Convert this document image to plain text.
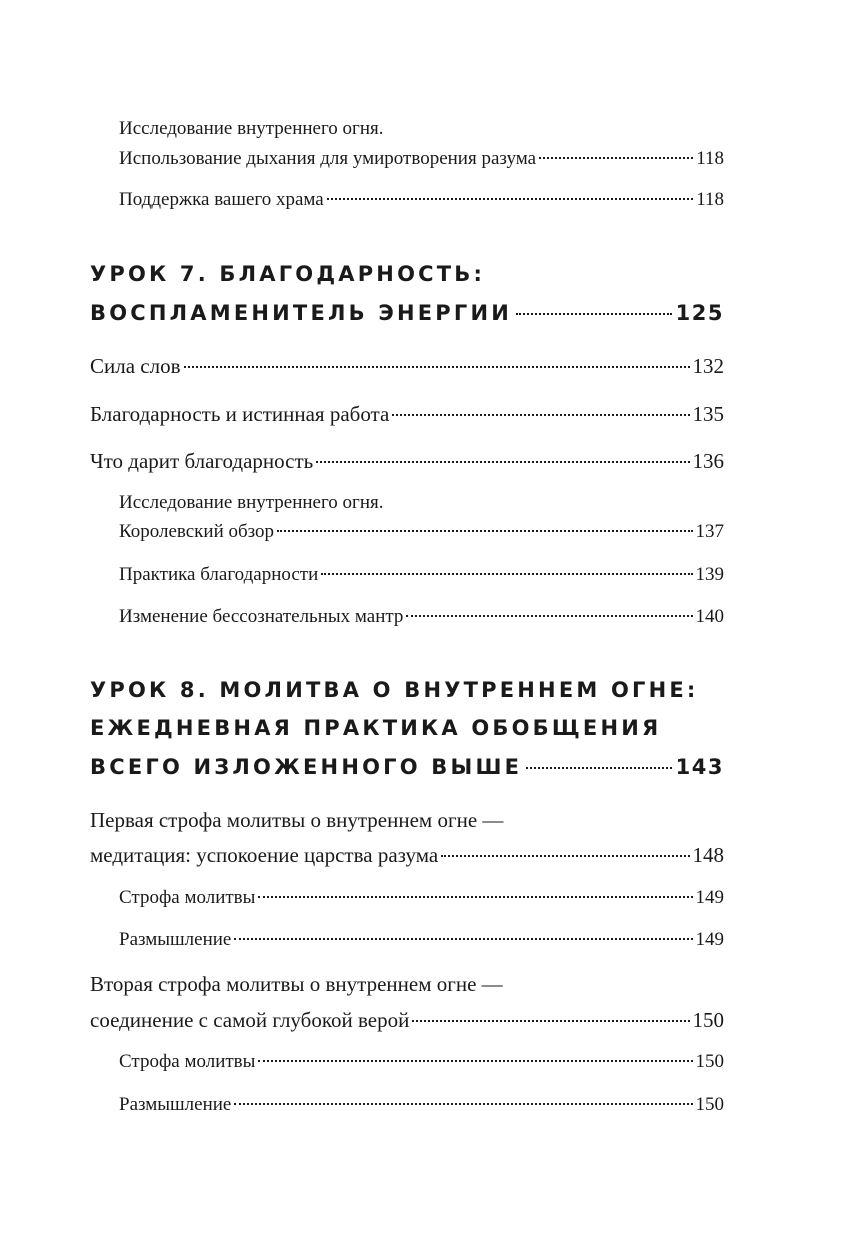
Исследование внутреннего огня.
Использование дыхания для умиротворения разума	118
Поддержка вашего храма	118
УРОК 7. БЛАГОДАРНОСТЬ:
ВОСПЛАМЕНИТЕЛЬ ЭНЕРГИИ	125
Сила слов	132
Благодарность и истинная работа	135
Что дарит благодарность	136
Исследование внутреннего огня.
Королевский обзор	137
Практика благодарности	139
Изменение бессознательных мантр	140
УРОК 8. МОЛИТВА О ВНУТРЕННЕМ ОГНЕ:
ЕЖЕДНЕВНАЯ ПРАКТИКА ОБОБЩЕНИЯ
ВСЕГО ИЗЛОЖЕННОГО ВЫШЕ	143
Первая строфа молитвы о внутреннем огне —
медитация: успокоение царства разума	148
Строфа молитвы	149
Размышление	149
Вторая строфа молитвы о внутреннем огне —
соединение с самой глубокой верой	150
Строфа молитвы	150
Размышление	150
